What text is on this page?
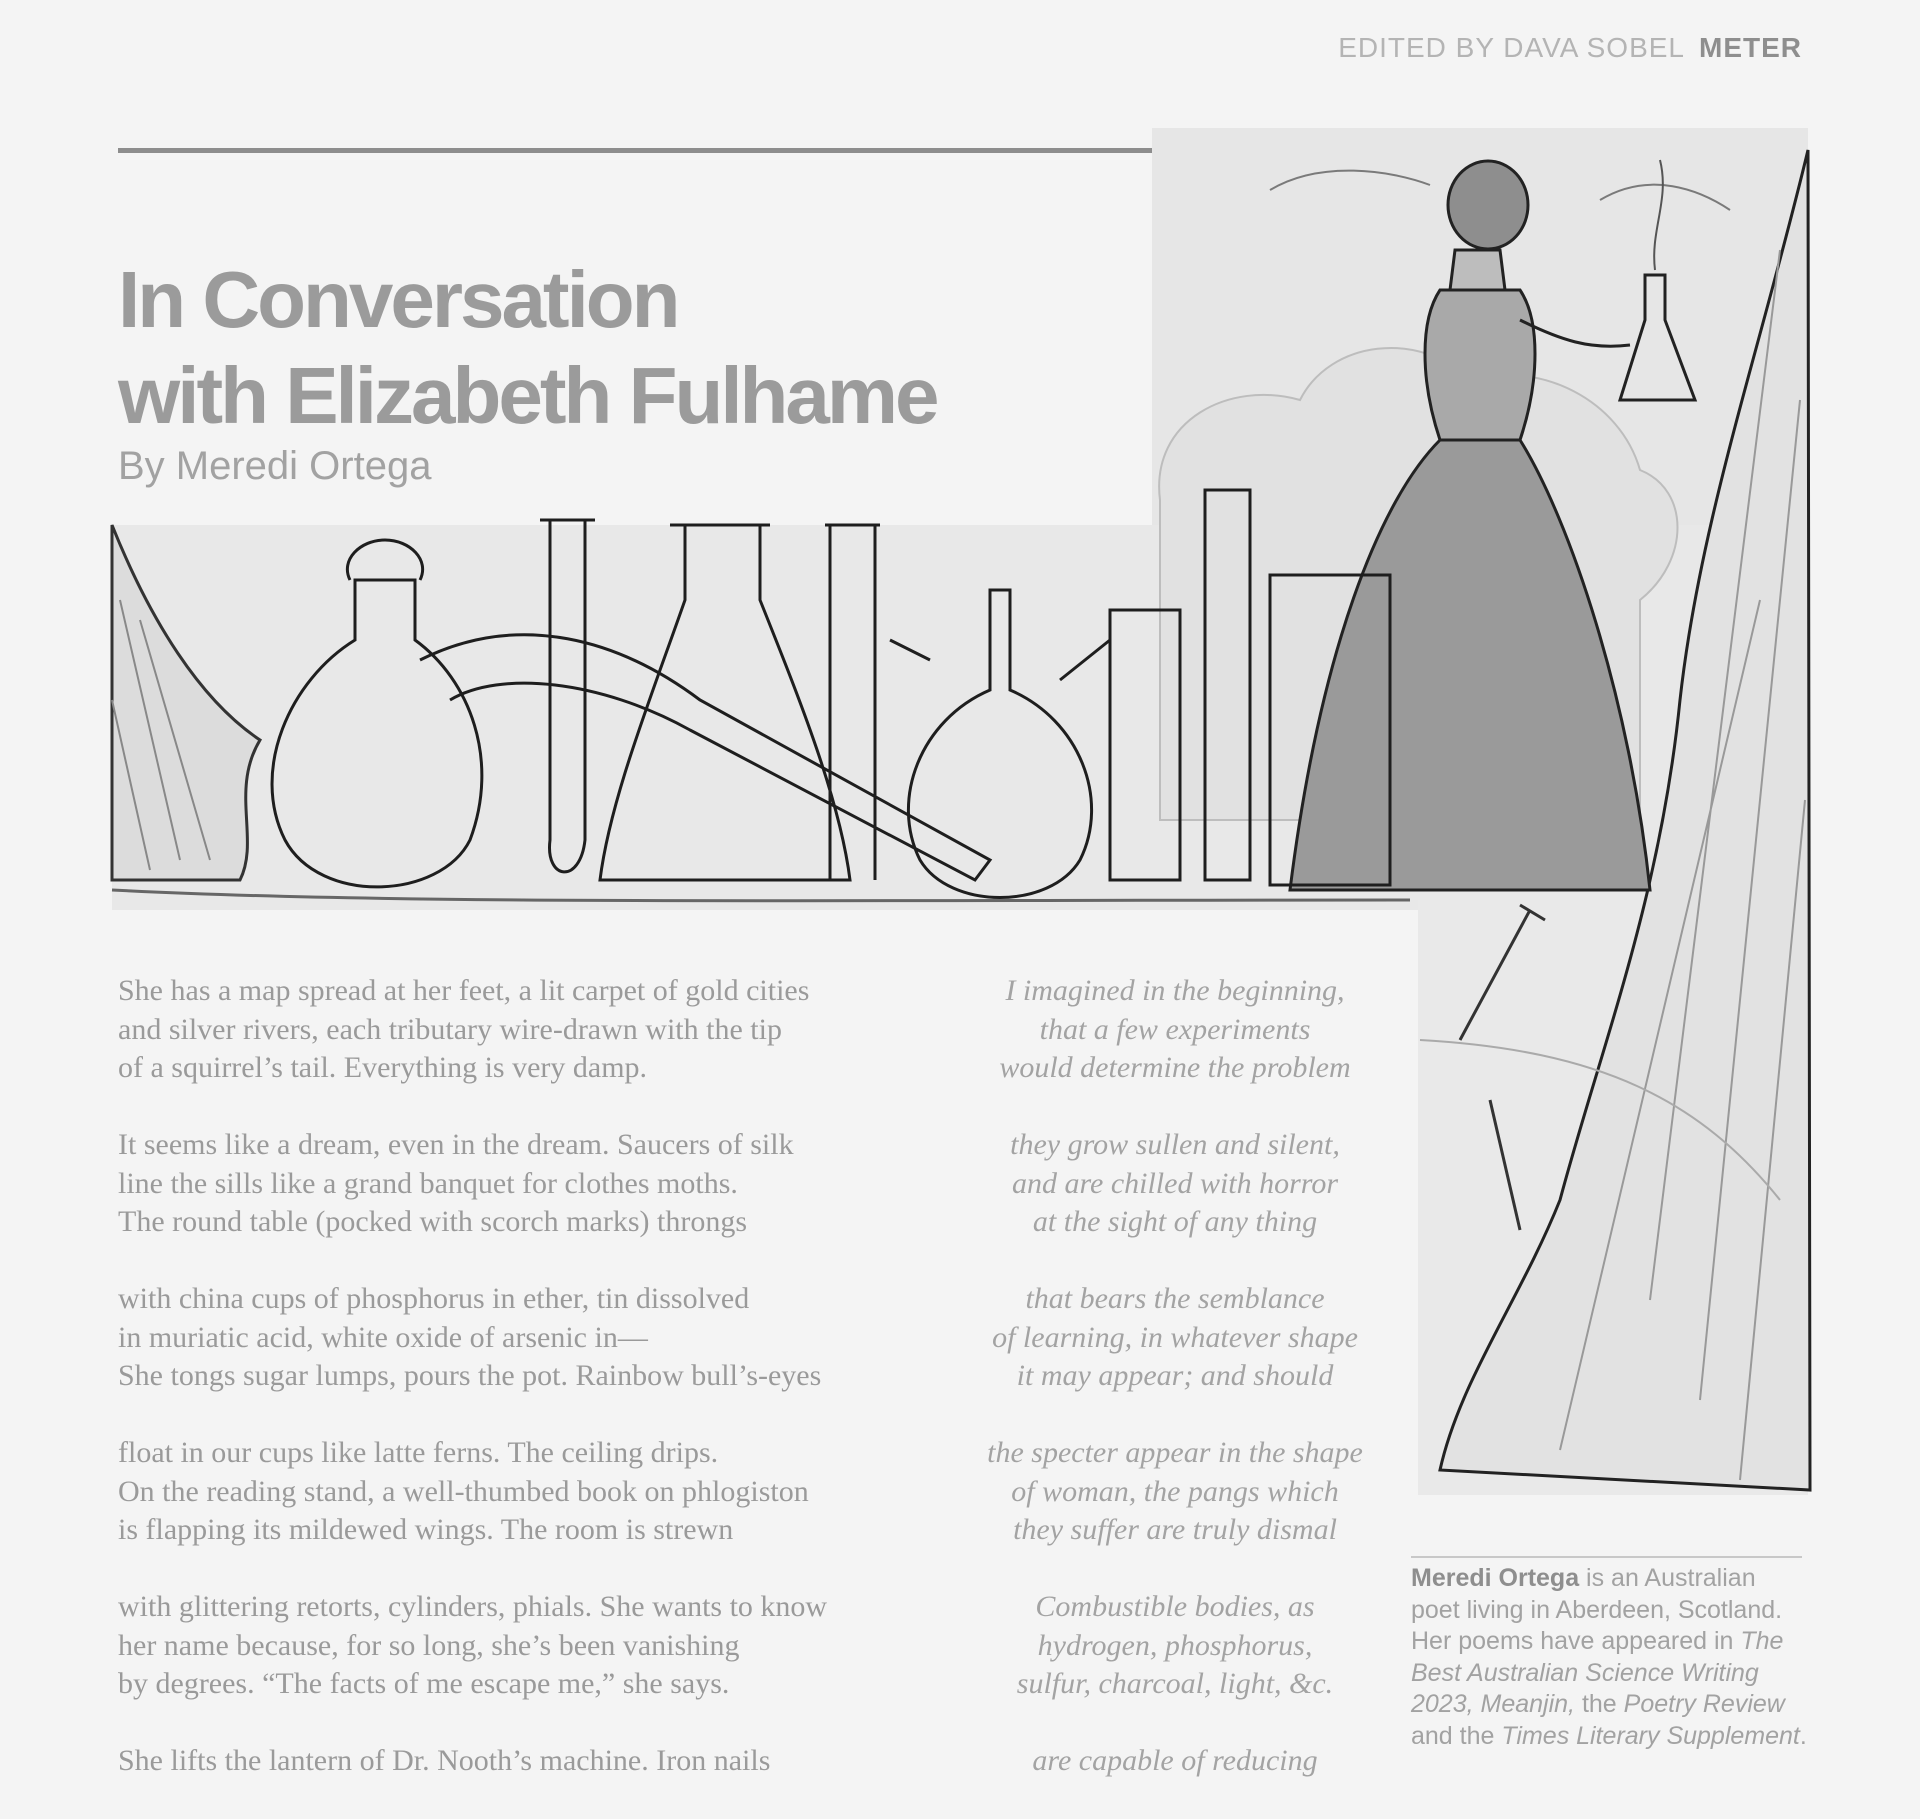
EDITED BY DAVA SOBEL METER
In Conversation
with Elizabeth Fulhame
By Meredi Ortega
She has a map spread at her feet, a lit carpet of gold cities
and silver rivers, each tributary wire-drawn with the tip
of a squirrel’s tail. Everything is very damp.
It seems like a dream, even in the dream. Saucers of silk
line the sills like a grand banquet for clothes moths.
The round table (pocked with scorch marks) throngs
with china cups of phosphorus in ether, tin dissolved
in muriatic acid, white oxide of arsenic in—
She tongs sugar lumps, pours the pot. Rainbow bull’s-eyes
float in our cups like latte ferns. The ceiling drips.
On the reading stand, a well-thumbed book on phlogiston
is flapping its mildewed wings. The room is strewn
with glittering retorts, cylinders, phials. She wants to know
her name because, for so long, she’s been vanishing
by degrees. “The facts of me escape me,” she says.
She lifts the lantern of Dr. Nooth’s machine. Iron nails
I imagined in the beginning,
that a few experiments
would determine the problem
they grow sullen and silent,
and are chilled with horror
at the sight of any thing
that bears the semblance
of learning, in whatever shape
it may appear; and should
the specter appear in the shape
of woman, the pangs which
they suffer are truly dismal
Combustible bodies, as
hydrogen, phosphorus,
sulfur, charcoal, light, &c.
are capable of reducing
Meredi Ortega is an Australian poet living in Aberdeen, Scotland. Her poems have appeared in The Best Australian Science Writing 2023, Meanjin, the Poetry Review and the Times Literary Supplement.
